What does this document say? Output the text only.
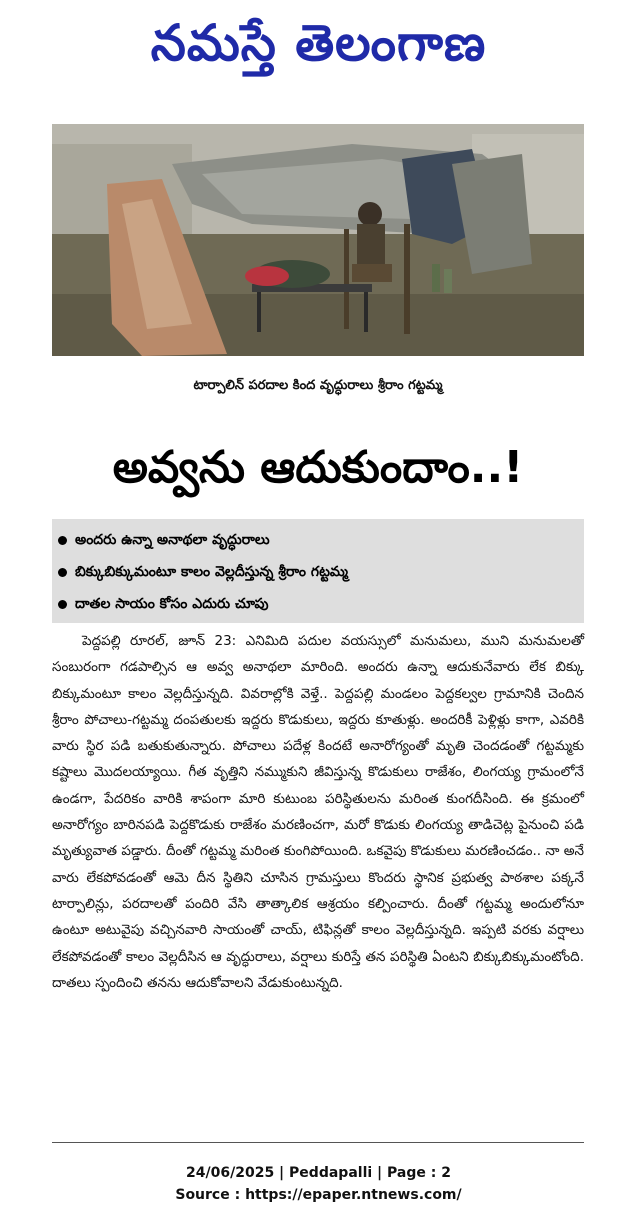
నమస్తే తెలంగాణ
టార్పాలిన్ పరదాల కింద వృద్ధురాలు శ్రీరాం గట్టమ్మ
అవ్వను ఆదుకుందాం..!
అందరు ఉన్నా అనాథలా వృద్ధురాలు
బిక్కుబిక్కుమంటూ కాలం వెల్లదీస్తున్న శ్రీరాం గట్టమ్మ
దాతల సాయం కోసం ఎదురు చూపు
పెద్దపల్లి రూరల్, జూన్ 23: ఎనిమిది పదుల వయస్సులో మనుమలు, ముని మనుమలతో సంబురంగా గడపాల్సిన ఆ అవ్వ అనాథలా మారింది. అందరు ఉన్నా ఆదుకునేవారు లేక బిక్కు బిక్కుమంటూ కాలం వెల్లదీస్తున్నది. వివరాల్లోకి వెళ్తే.. పెద్దపల్లి మండలం పెద్దకల్వల గ్రామానికి చెందిన శ్రీరాం పోచాలు-గట్టమ్మ దంపతులకు ఇద్దరు కొడుకులు, ఇద్దరు కూతుళ్లు. అందరికీ పెళ్లిళ్లు కాగా, ఎవరికి వారు స్థిర పడి బతుకుతున్నారు. పోచాలు పదేళ్ల కిందటే అనారోగ్యంతో మృతి చెందడంతో గట్టమ్మకు కష్టాలు మొదలయ్యాయి. గీత వృత్తిని నమ్ముకుని జీవిస్తున్న కొడుకులు రాజేశం, లింగయ్య గ్రామంలోనే ఉండగా, పేదరికం వారికి శాపంగా మారి కుటుంబ పరిస్థితులను మరింత కుంగదీసింది. ఈ క్రమంలో అనారోగ్యం బారినపడి పెద్దకొడుకు రాజేశం మరణించగా, మరో కొడుకు లింగయ్య తాడిచెట్ల పైనుంచి పడి మృత్యువాత పడ్డారు. దీంతో గట్టమ్మ మరింత కుంగిపోయింది. ఒకవైపు కొడుకులు మరణించడం.. నా అనే వారు లేకపోవడంతో ఆమె దీన స్థితిని చూసిన గ్రామస్తులు కొందరు స్థానిక ప్రభుత్వ పాఠశాల పక్కనే టార్పాలిన్లు, పరదాలతో పందిరి వేసి తాత్కాలిక ఆశ్రయం కల్పించారు. దీంతో గట్టమ్మ అందులోనూ ఉంటూ అటువైపు వచ్చినవారి సాయంతో చాయ్, టిఫిన్లతో కాలం వెల్లదీస్తున్నది. ఇప్పటి వరకు వర్షాలు లేకపోవడంతో కాలం వెల్లదీసిన ఆ వృద్ధురాలు, వర్షాలు కురిస్తే తన పరిస్థితి ఏంటని బిక్కుబిక్కుమంటోంది. దాతలు స్పందించి తనను ఆదుకోవాలని వేడుకుంటున్నది.
24/06/2025 | Peddapalli | Page : 2
Source : https://epaper.ntnews.com/
